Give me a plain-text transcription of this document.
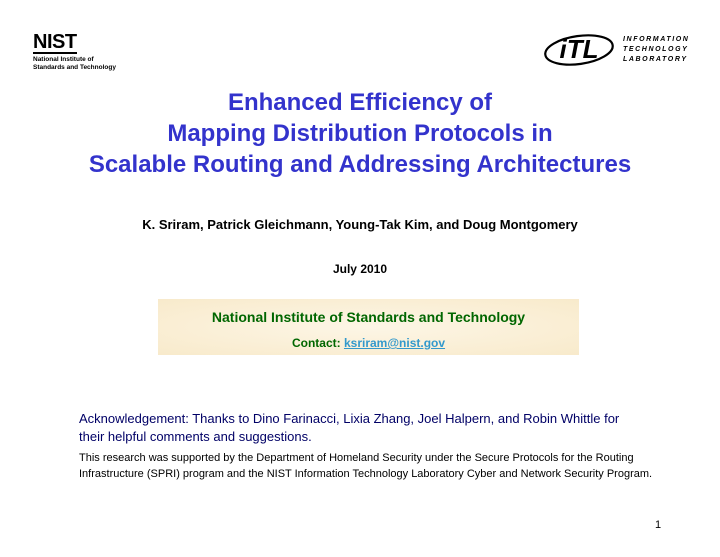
NIST
National Institute of
Standards and Technology
iTL	INFORMATION
TECHNOLOGY
LABORATORY
Enhanced Efficiency of
Mapping Distribution Protocols in
Scalable Routing and Addressing Architectures
K. Sriram, Patrick Gleichmann, Young-Tak Kim, and Doug Montgomery
July 2010
National Institute of Standards and Technology
Contact: ksriram@nist.gov
Acknowledgement: Thanks to Dino Farinacci, Lixia Zhang, Joel Halpern, and Robin Whittle for their helpful comments and suggestions.
This research was supported by the Department of Homeland Security under the Secure Protocols for the Routing Infrastructure (SPRI) program and the NIST Information Technology Laboratory Cyber and Network Security Program.
1
